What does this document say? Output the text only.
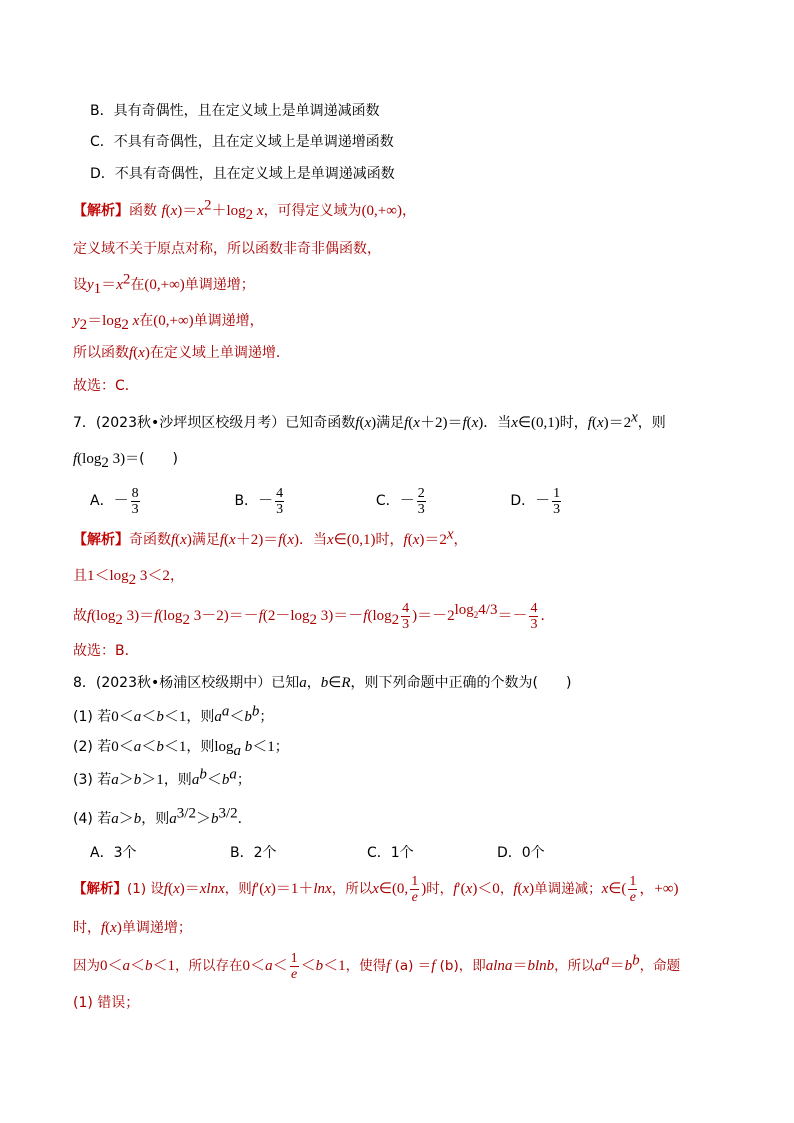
B．具有奇偶性，且在定义域上是单调递减函数
C．不具有奇偶性，且在定义域上是单调递增函数
D．不具有奇偶性，且在定义域上是单调递减函数
【解析】函数 $f(x)=x^2+\log_2$ x，可得定义域为(0,+∞)，
定义域不关于原点对称，所以函数非奇非偶函数，
设$y_1=x^2$在(0,+∞)单调递增；
$y_2=\log_2$ x在(0,+∞)单调递增，
所以函数f(x)在定义域上单调递增．
故选：C．
7．(2023秋•沙坪坝区校级月考）已知奇函数f(x)满足f(x＋2)＝f(x)．当x∈(0,1)时，$f(x)=2^x$，则
$f(\log_2$ 3)＝(　　)
A．－ $\frac{8}{3}$	B．－ $\frac{4}{3}$	C．－ $\frac{2}{3}$	D．－ $\frac{1}{3}$
【解析】奇函数f(x)满足f(x＋2)＝f(x)．当x∈(0,1)时，$f(x)=2^x$，
且$1<\log_2$ 3＜2，
故$f(\log_2$ $3)=f(\log_2$ $3-2)=-f(2-\log_2$ $3)=-f(\log_2 \frac{4}{3} )=-2^{log_24/3}=- \frac{4}{3}$ ．
故选：B．
8．(2023秋•杨浦区校级期中）已知a，b∈R，则下列命题中正确的个数为(　　)
(1) 若0＜a＜b＜1，则$a^a<b^b$；
(2) 若0＜a＜b＜1，则$\log_a b<1$；
(3) 若a＞b＞1，则$a^b<b^a$；
(4) 若a＞b，则$a^{3/2}>b^{3/2}$．
A．3个	B．2个	C．1个	D．0个
【解析】(1) 设f(x)＝xlnx，则f′(x)＝1＋lnx，所以x∈(0, $\frac{1}{e}$ )时，f′(x)＜0，f(x)单调递减；x∈( $\frac{1}{e}$ ，+∞)
时，f(x)单调递增；
因为0＜a＜b＜1，所以存在$0<a< \frac{1}{e} <b<1$，使得f (a) ＝f (b)，即alna＝blnb，所以$a^a=b^b$，命题
(1) 错误；
